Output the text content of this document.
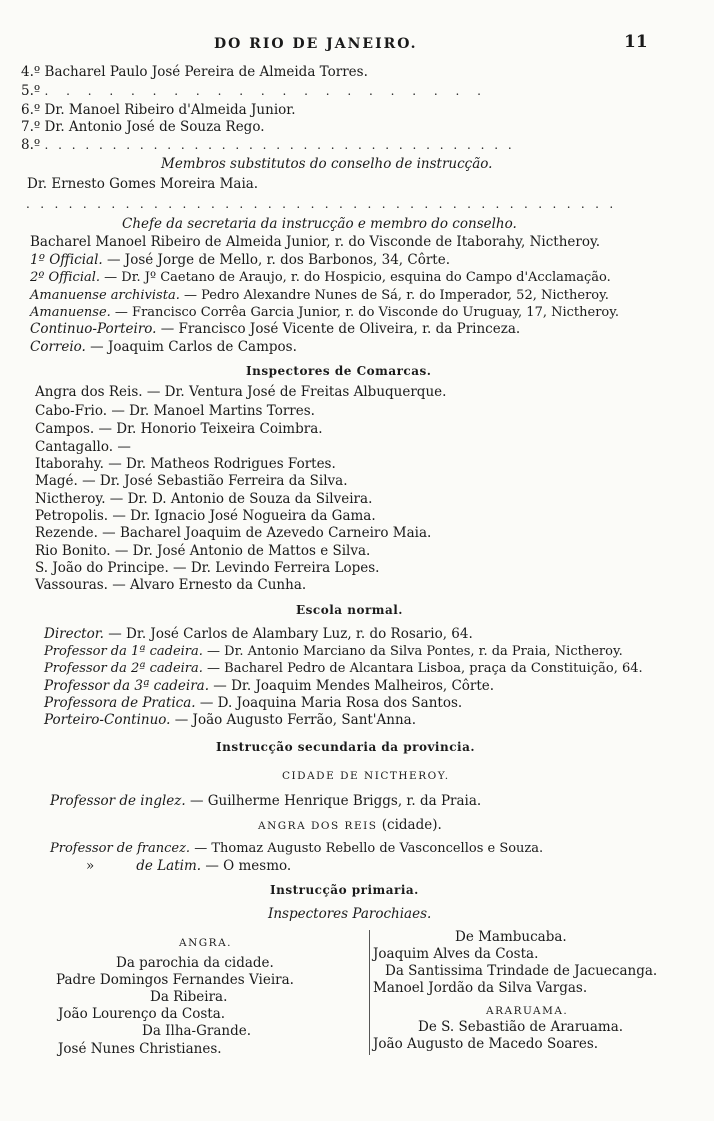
DO RIO DE JANEIRO.	11
4.º Bacharel Paulo José Pereira de Almeida Torres.
5.º . . . . . . . . . . . . . . . . . . . . .
6.º Dr. Manoel Ribeiro d'Almeida Junior.
7.º Dr. Antonio José de Souza Rego.
8.º . . . . . . . . . . . . . . . . . . . . . . . . . . . . . . . . . . .
Membros substitutos do conselho de instrucção.
Dr. Ernesto Gomes Moreira Maia.
. . . . . . . . . . . . . . . . . . . . . . . . . . . . . . . . . . . . . . . . . .
Chefe da secretaria da instrucção e membro do conselho.
Bacharel Manoel Ribeiro de Almeida Junior, r. do Visconde de Itaborahy, Nictheroy.
1º Official. — José Jorge de Mello, r. dos Barbonos, 34, Côrte.
2º Official. — Dr. Jº Caetano de Araujo, r. do Hospicio, esquina do Campo d'Acclamação.
Amanuense archivista. — Pedro Alexandre Nunes de Sá, r. do Imperador, 52, Nictheroy.
Amanuense. — Francisco Corrêa Garcia Junior, r. do Visconde do Uruguay, 17, Nictheroy.
Continuo-Porteiro. — Francisco José Vicente de Oliveira, r. da Princeza.
Correio. — Joaquim Carlos de Campos.
Inspectores de Comarcas.
Angra dos Reis. — Dr. Ventura José de Freitas Albuquerque.
Cabo-Frio. — Dr. Manoel Martins Torres.
Campos. — Dr. Honorio Teixeira Coimbra.
Cantagallo. —
Itaborahy. — Dr. Matheos Rodrigues Fortes.
Magé. — Dr. José Sebastião Ferreira da Silva.
Nictheroy. — Dr. D. Antonio de Souza da Silveira.
Petropolis. — Dr. Ignacio José Nogueira da Gama.
Rezende. — Bacharel Joaquim de Azevedo Carneiro Maia.
Rio Bonito. — Dr. José Antonio de Mattos e Silva.
S. João do Principe. — Dr. Levindo Ferreira Lopes.
Vassouras. — Alvaro Ernesto da Cunha.
Escola normal.
Director. — Dr. José Carlos de Alambary Luz, r. do Rosario, 64.
Professor da 1ª cadeira. — Dr. Antonio Marciano da Silva Pontes, r. da Praia, Nictheroy.
Professor da 2ª cadeira. — Bacharel Pedro de Alcantara Lisboa, praça da Constituição, 64.
Professor da 3ª cadeira. — Dr. Joaquim Mendes Malheiros, Côrte.
Professora de Pratica. — D. Joaquina Maria Rosa dos Santos.
Porteiro-Continuo. — João Augusto Ferrão, Sant'Anna.
Instrucção secundaria da provincia.
CIDADE DE NICTHEROY.
Professor de inglez. — Guilherme Henrique Briggs, r. da Praia.
ANGRA DOS REIS (cidade).
Professor de francez. — Thomaz Augusto Rebello de Vasconcellos e Souza.
»	de Latim. — O mesmo.
Instrucção primaria.
Inspectores Parochiaes.
ANGRA.
Da parochia da cidade.
Padre Domingos Fernandes Vieira.
Da Ribeira.
João Lourenço da Costa.
Da Ilha-Grande.
José Nunes Christianes.
De Mambucaba.
Joaquim Alves da Costa.
Da Santissima Trindade de Jacuecanga.
Manoel Jordão da Silva Vargas.
ARARUAMA.
De S. Sebastião de Araruama.
João Augusto de Macedo Soares.
